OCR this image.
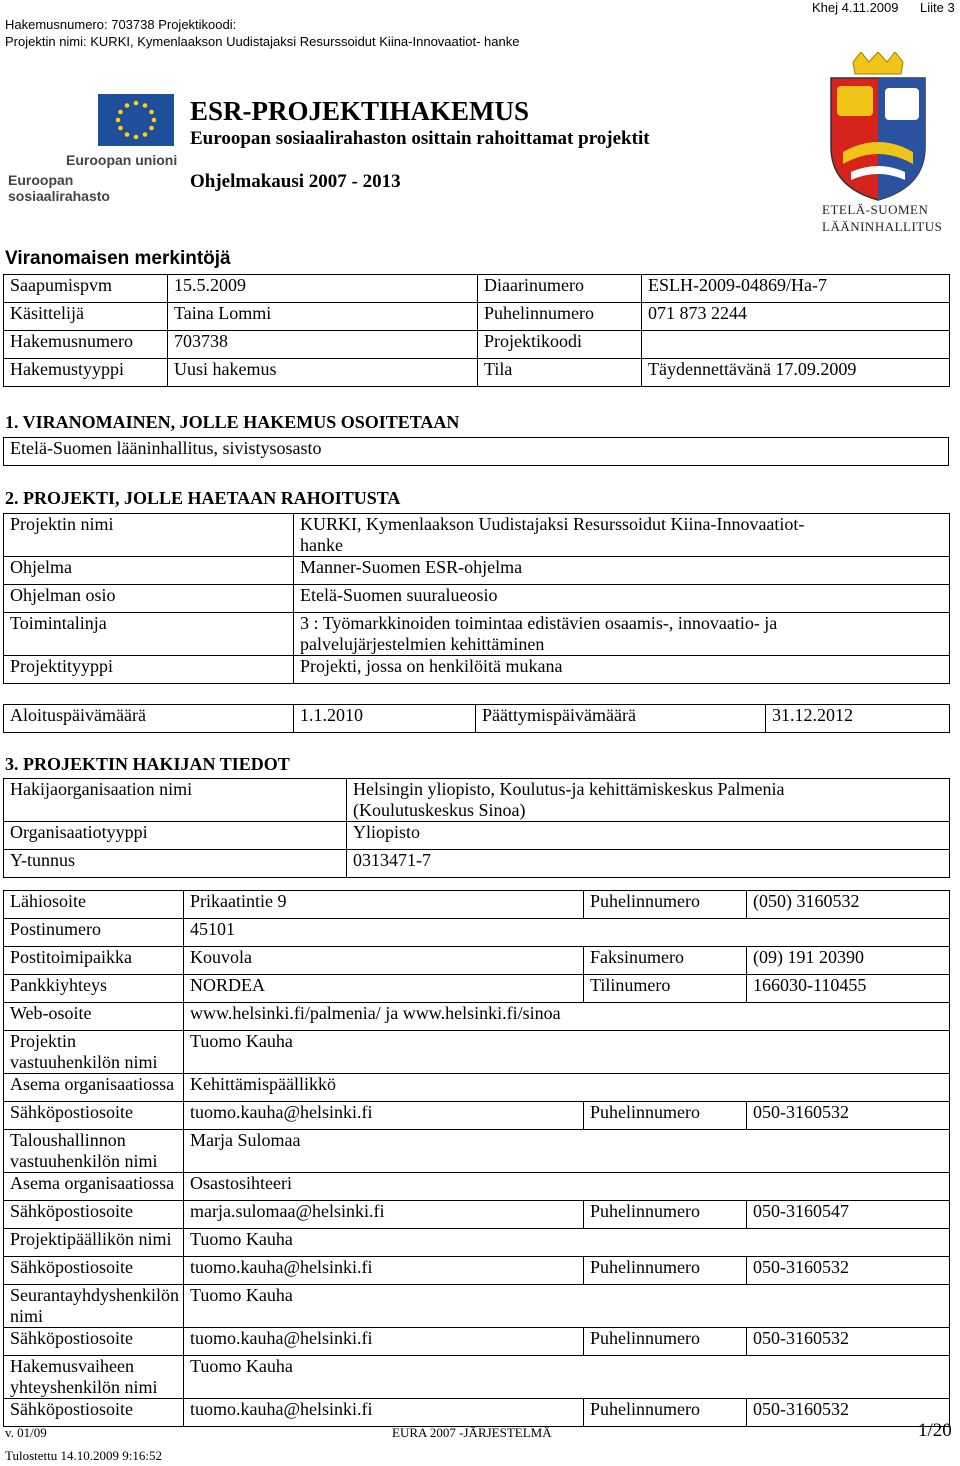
Hakemusnumero: 703738 Projektikoodi:
Projektin nimi: KURKI, Kymenlaakson Uudistajaksi Resurssoidut Kiina-Innovaatiot- hanke
Khej 4.11.2009 Liite 3
Euroopan unioni
Euroopan sosiaalirahasto
ESR-PROJEKTIHAKEMUS
Euroopan sosiaalirahaston osittain rahoittamat projektit
Ohjelmakausi 2007 - 2013
ETELÄ-SUOMEN
LÄÄNINHALLITUS
Viranomaisen merkintöjä
Saapumispvm	15.5.2009	Diaarinumero	ESLH-2009-04869/Ha-7
Käsittelijä	Taina Lommi	Puhelinnumero	071 873 2244
Hakemusnumero	703738	Projektikoodi	
Hakemustyyppi	Uusi hakemus	Tila	Täydennettävänä 17.09.2009
1. VIRANOMAINEN, JOLLE HAKEMUS OSOITETAAN
Etelä-Suomen lääninhallitus, sivistysosasto
2. PROJEKTI, JOLLE HAETAAN RAHOITUSTA
Projektin nimi	KURKI, Kymenlaakson Uudistajaksi Resurssoidut Kiina-Innovaatiot-
hanke

Ohjelma	Manner-Suomen ESR-ohjelma
Ohjelman osio	Etelä-Suomen suuralueosio
Toimintalinja	3 : Työmarkkinoiden toimintaa edistävien osaamis-, innovaatio- ja
palvelujärjestelmien kehittäminen

Projektityyppi	Projekti, jossa on henkilöitä mukana
Aloituspäivämäärä	1.1.2010	Päättymispäivämäärä	31.12.2012
3. PROJEKTIN HAKIJAN TIEDOT
Hakijaorganisaation nimi	Helsingin yliopisto, Koulutus-ja kehittämiskeskus Palmenia
(Koulutuskeskus Sinoa)

Organisaatiotyyppi	Yliopisto
Y-tunnus	0313471-7
Lähiosoite	Prikaatintie 9	Puhelinnumero	(050) 3160532
Postinumero	45101		
Postitoimipaikka	Kouvola	Faksinumero	(09) 191 20390
Pankkiyhteys	NORDEA	Tilinumero	166030-110455
Web-osoite	www.helsinki.fi/palmenia/ ja www.helsinki.fi/sinoa		
Projektin vastuuhenkilön nimi	Tuomo Kauha		
Asema organisaatiossa	Kehittämispäällikkö		
Sähköpostiosoite	tuomo.kauha@helsinki.fi	Puhelinnumero	050-3160532
Taloushallinnon vastuuhenkilön nimi	Marja Sulomaa		
Asema organisaatiossa	Osastosihteeri		
Sähköpostiosoite	marja.sulomaa@helsinki.fi	Puhelinnumero	050-3160547
Projektipäällikön nimi	Tuomo Kauha		
Sähköpostiosoite	tuomo.kauha@helsinki.fi	Puhelinnumero	050-3160532
Seurantayhdyshenkilön nimi	Tuomo Kauha		
Sähköpostiosoite	tuomo.kauha@helsinki.fi	Puhelinnumero	050-3160532
Hakemusvaiheen yhteyshenkilön nimi	Tuomo Kauha		
Sähköpostiosoite	tuomo.kauha@helsinki.fi	Puhelinnumero	050-3160532
v. 01/09	EURA 2007 -JÄRJESTELMÄ	1/20
Tulostettu 14.10.2009 9:16:52
